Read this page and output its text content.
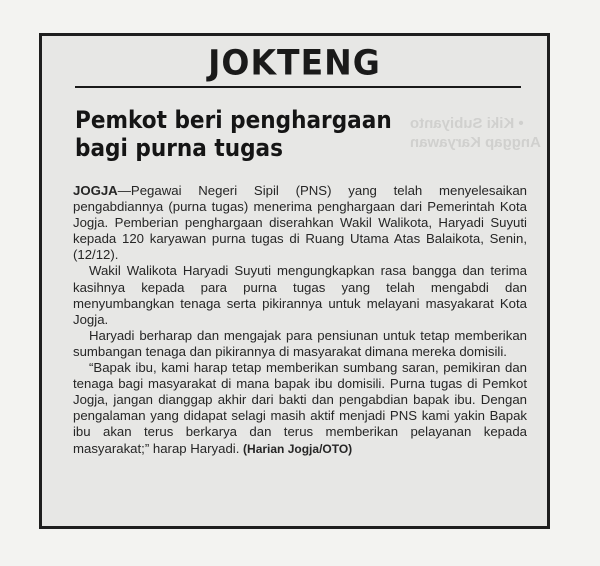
• Kiki Subiyanto
Anggap Karyawan
JOKTENG
Pemkot beri penghargaan
bagi purna tugas

JOGJA—Pegawai Negeri Sipil (PNS) yang telah menyelesaikan pengabdiannya (purna tugas) menerima penghargaan dari Pemerintah Kota Jogja. Pemberian penghargaan diserahkan Wakil Walikota, Haryadi Suyuti kepada 120 karyawan purna tugas di Ruang Utama Atas Balaikota, Senin, (12/12).

Wakil Walikota Haryadi Suyuti mengungkapkan rasa bangga dan terima kasihnya kepada para purna tugas yang telah mengabdi dan menyumbangkan tenaga serta pikirannya untuk melayani masyakarat Kota Jogja.

Haryadi berharap dan mengajak para pensiunan untuk tetap memberikan sumbangan tenaga dan pikirannya di masyarakat dimana mereka domisili.

“Bapak ibu, kami harap tetap memberikan sumbang saran, pemikiran dan tenaga bagi masyarakat di mana bapak ibu domisili. Purna tugas di Pemkot Jogja, jangan dianggap akhir dari bakti dan pengabdian bapak ibu. Dengan pengalaman yang didapat selagi masih aktif menjadi PNS kami yakin Bapak ibu akan terus berkarya dan terus memberikan pelayanan kepada masyarakat;” harap Haryadi. (Harian Jogja/OTO)
